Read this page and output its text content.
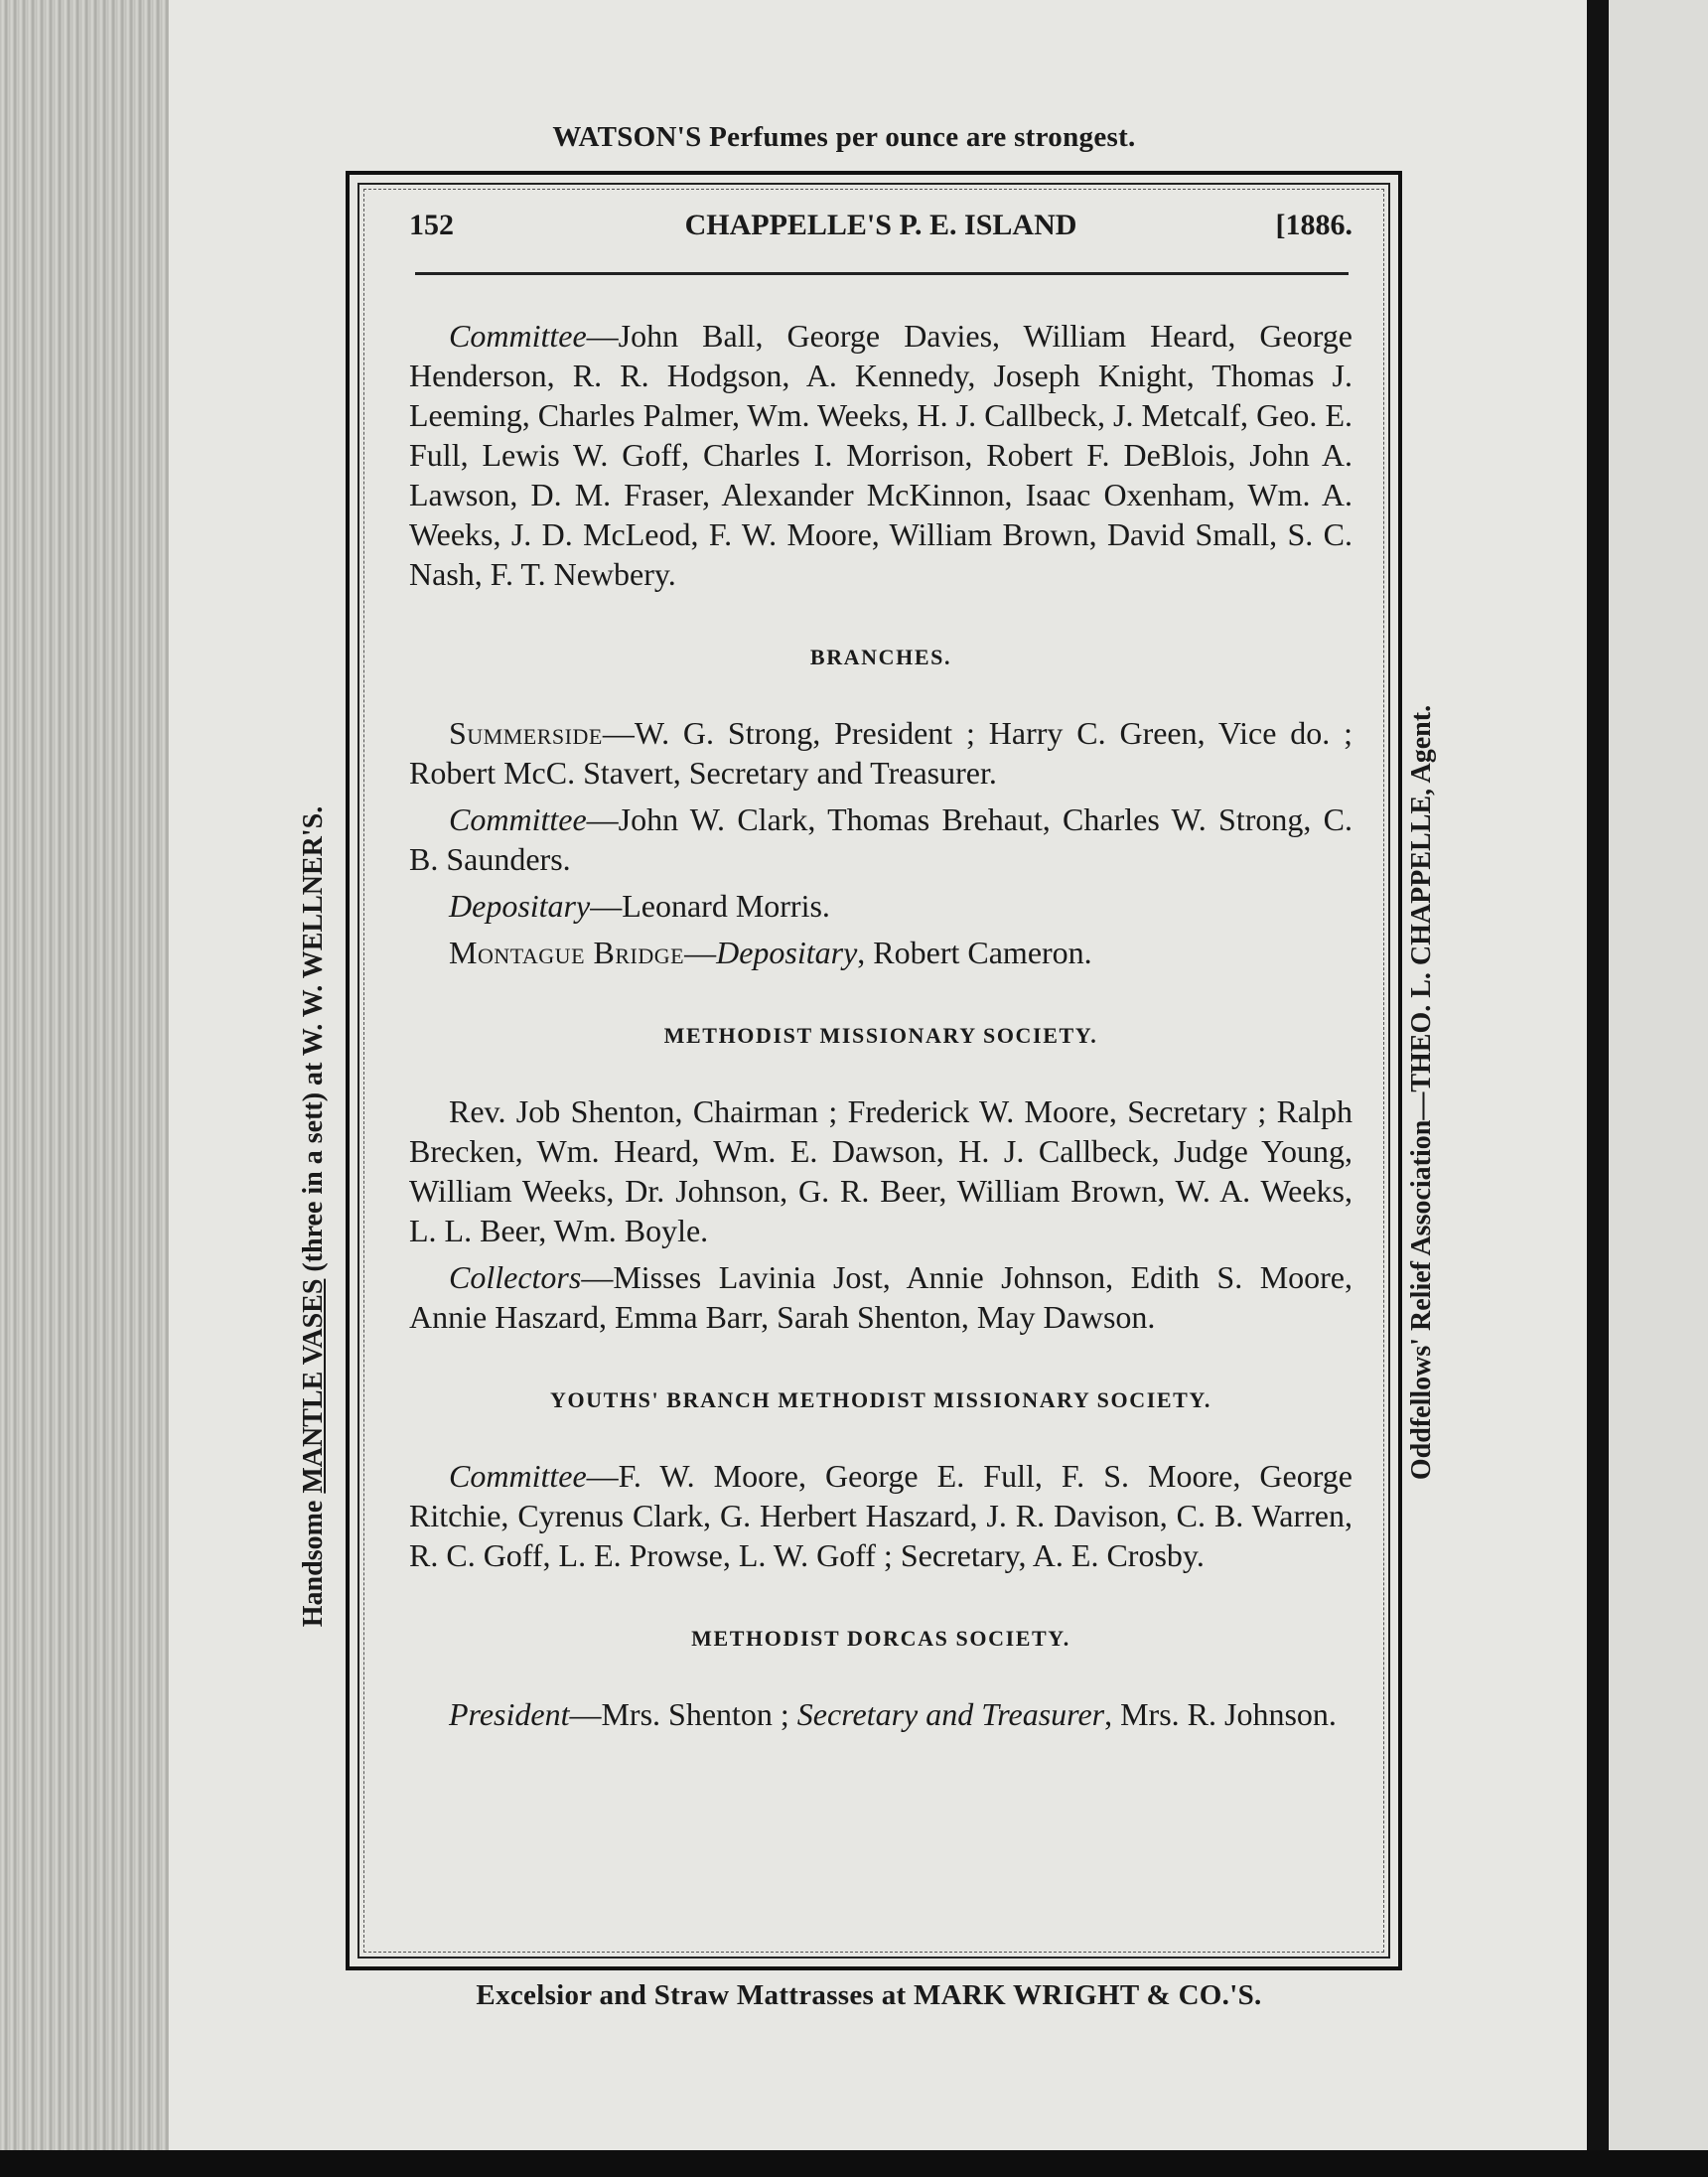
WATSON'S Perfumes per ounce are strongest.
Handsome MANTLE VASES (three in a sett) at W. W. WELLNER'S.	Oddfellows' Relief Association—THEO. L. CHAPPELLE, Agent.
152	CHAPPELLE'S P. E. ISLAND	[1886.

Committee—John Ball, George Davies, William Heard, George Henderson, R. R. Hodgson, A. Kennedy, Joseph Knight, Thomas J. Leeming, Charles Palmer, Wm. Weeks, H. J. Callbeck, J. Metcalf, Geo. E. Full, Lewis W. Goff, Charles I. Morrison, Robert F. DeBlois, John A. Lawson, D. M. Fraser, Alexander McKinnon, Isaac Oxenham, Wm. A. Weeks, J. D. McLeod, F. W. Moore, William Brown, David Small, S. C. Nash, F. T. Newbery.

BRANCHES.

Summerside—W. G. Strong, President ; Harry C. Green, Vice do. ; Robert McC. Stavert, Secretary and Treasurer.

Committee—John W. Clark, Thomas Brehaut, Charles W. Strong, C. B. Saunders.

Depositary—Leonard Morris.

Montague Bridge—Depositary, Robert Cameron.

METHODIST MISSIONARY SOCIETY.

Rev. Job Shenton, Chairman ; Frederick W. Moore, Secretary ; Ralph Brecken, Wm. Heard, Wm. E. Dawson, H. J. Callbeck, Judge Young, William Weeks, Dr. Johnson, G. R. Beer, William Brown, W. A. Weeks, L. L. Beer, Wm. Boyle.

Collectors—Misses Lavinia Jost, Annie Johnson, Edith S. Moore, Annie Haszard, Emma Barr, Sarah Shenton, May Dawson.

YOUTHS' BRANCH METHODIST MISSIONARY SOCIETY.

Committee—F. W. Moore, George E. Full, F. S. Moore, George Ritchie, Cyrenus Clark, G. Herbert Haszard, J. R. Davison, C. B. Warren, R. C. Goff, L. E. Prowse, L. W. Goff ; Secretary, A. E. Crosby.

METHODIST DORCAS SOCIETY.

President—Mrs. Shenton ; Secretary and Treasurer, Mrs. R. Johnson.

Excelsior and Straw Mattrasses at MARK WRIGHT & CO.'S.
